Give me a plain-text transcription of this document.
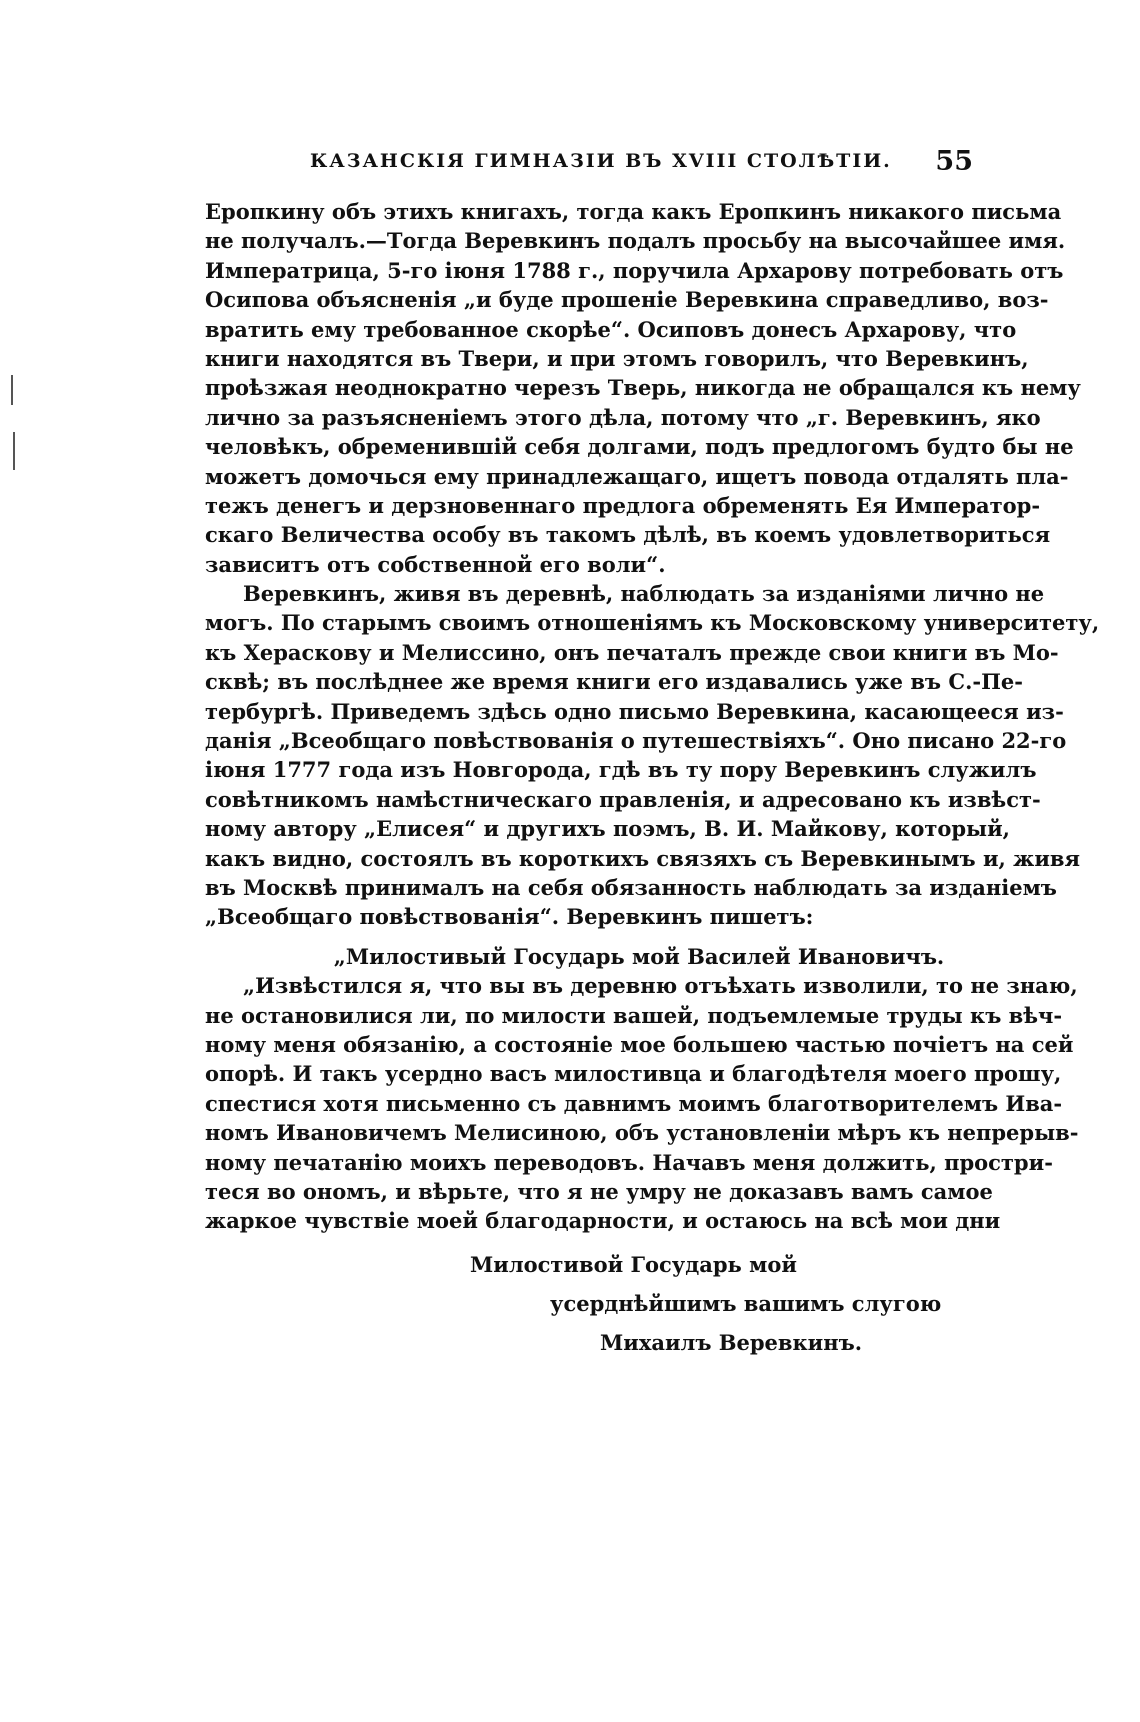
КАЗАНСКІЯ ГИМНАЗІИ ВЪ XVIII СТОЛѢТІИ. 55
Еропкину объ этихъ книгахъ, тогда какъ Еропкинъ никакого письма
не получалъ.—Тогда Веревкинъ подалъ просьбу на высочайшее имя.
Императрица, 5-го іюня 1788 г., поручила Архарову потребовать отъ
Осипова объясненія „и буде прошеніе Веревкина справедливо, воз-
вратить ему требованное скорѣе“. Осиповъ донесъ Архарову, что
книги находятся въ Твери, и при этомъ говорилъ, что Веревкинъ,
проѣзжая неоднократно черезъ Тверь, никогда не обращался къ нему
лично за разъясненіемъ этого дѣла, потому что „г. Веревкинъ, яко
человѣкъ, обременившій себя долгами, подъ предлогомъ будто бы не
можетъ домочься ему принадлежащаго, ищетъ повода отдалять пла-
тежъ денегъ и дерзновеннаго предлога обременять Ея Император-
скаго Величества особу въ такомъ дѣлѣ, въ коемъ удовлетвориться
зависитъ отъ собственной его воли“.
Веревкинъ, живя въ деревнѣ, наблюдать за изданіями лично не
могъ. По старымъ своимъ отношеніямъ къ Московскому университету,
къ Хераскову и Мелиссино, онъ печаталъ прежде свои книги въ Мо-
сквѣ; въ послѣднее же время книги его издавались уже въ С.-Пе-
тербургѣ. Приведемъ здѣсь одно письмо Веревкина, касающееся из-
данія „Всеобщаго повѣствованія о путешествіяхъ“. Оно писано 22-го
іюня 1777 года изъ Новгорода, гдѣ въ ту пору Веревкинъ служилъ
совѣтникомъ намѣстническаго правленія, и адресовано къ извѣст-
ному автору „Елисея“ и другихъ поэмъ, В. И. Майкову, который,
какъ видно, состоялъ въ короткихъ связяхъ съ Веревкинымъ и, живя
въ Москвѣ принималъ на себя обязанность наблюдать за изданіемъ
„Всеобщаго повѣствованія“. Веревкинъ пишетъ:
„Милостивый Государь мой Василей Ивановичъ.
„Извѣстился я, что вы въ деревню отъѣхать изволили, то не знаю,
не остановилися ли, по милости вашей, подъемлемые труды къ вѣч-
ному меня обязанію, а состояніе мое большею частью почіетъ на сей
опорѣ. И такъ усердно васъ милостивца и благодѣтеля моего прошу,
спестися хотя письменно съ давнимъ моимъ благотворителемъ Ива-
номъ Ивановичемъ Мелисиною, объ установленіи мѣръ къ непрерыв-
ному печатанію моихъ переводовъ. Начавъ меня должить, простри-
теся во ономъ, и вѣрьте, что я не умру не доказавъ вамъ самое
жаркое чувствіе моей благодарности, и остаюсь на всѣ мои дни
Милостивой Государь мой
усерднѣйшимъ вашимъ слугою
Михаилъ Веревкинъ.
